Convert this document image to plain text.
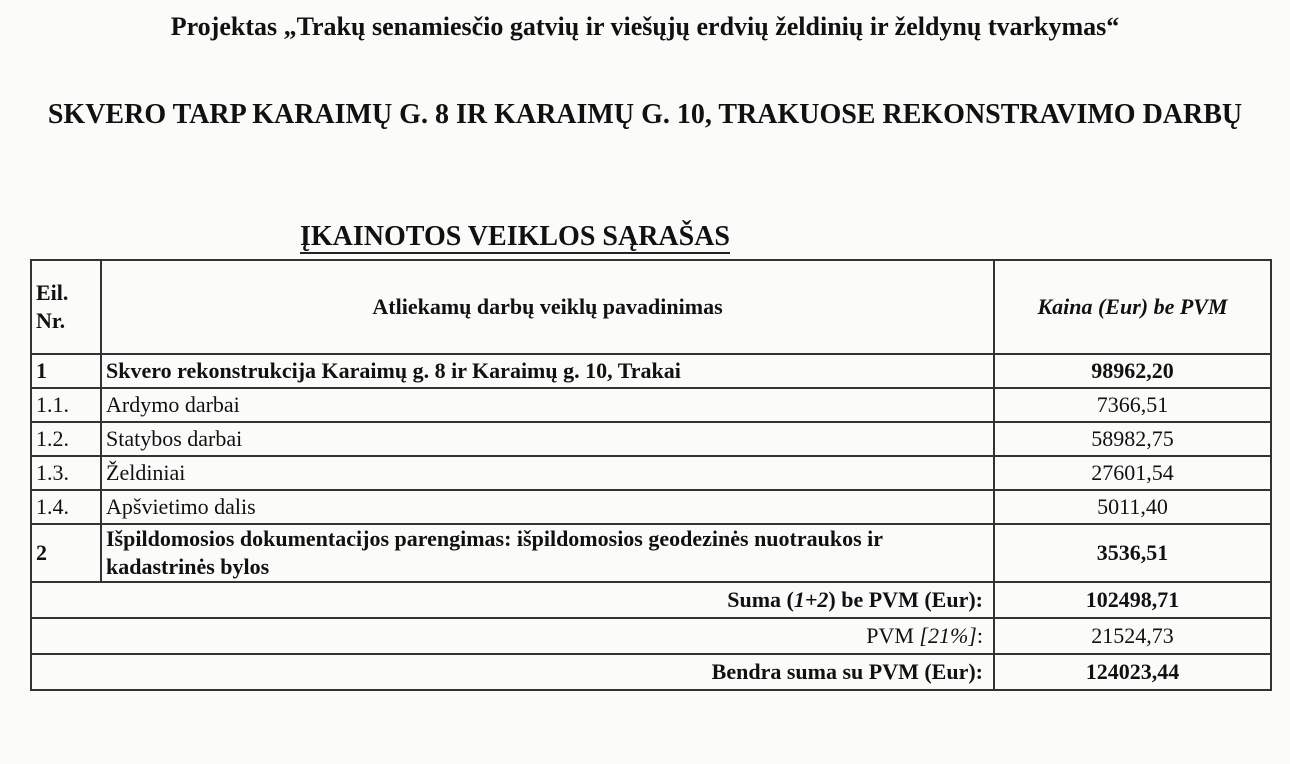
Projektas „Trakų senamiesčio gatvių ir viešųjų erdvių želdinių ir želdynų tvarkymas“
SKVERO TARP KARAIMŲ G. 8 IR KARAIMŲ G. 10, TRAKUOSE REKONSTRAVIMO DARBŲ
ĮKAINOTOS VEIKLOS SĄRAŠAS
Eil. Nr.	Atliekamų darbų veiklų pavadinimas	Kaina (Eur) be PVM
1	Skvero rekonstrukcija Karaimų g. 8 ir Karaimų g. 10, Trakai	98962,20
1.1.	Ardymo darbai	7366,51
1.2.	Statybos darbai	58982,75
1.3.	Želdiniai	27601,54
1.4.	Apšvietimo dalis	5011,40
2	Išpildomosios dokumentacijos parengimas: išpildomosios geodezinės nuotraukos ir kadastrinės bylos	3536,51
Suma (1+2) be PVM (Eur):		102498,71
PVM [21%]:		21524,73
Bendra suma su PVM (Eur):		124023,44
